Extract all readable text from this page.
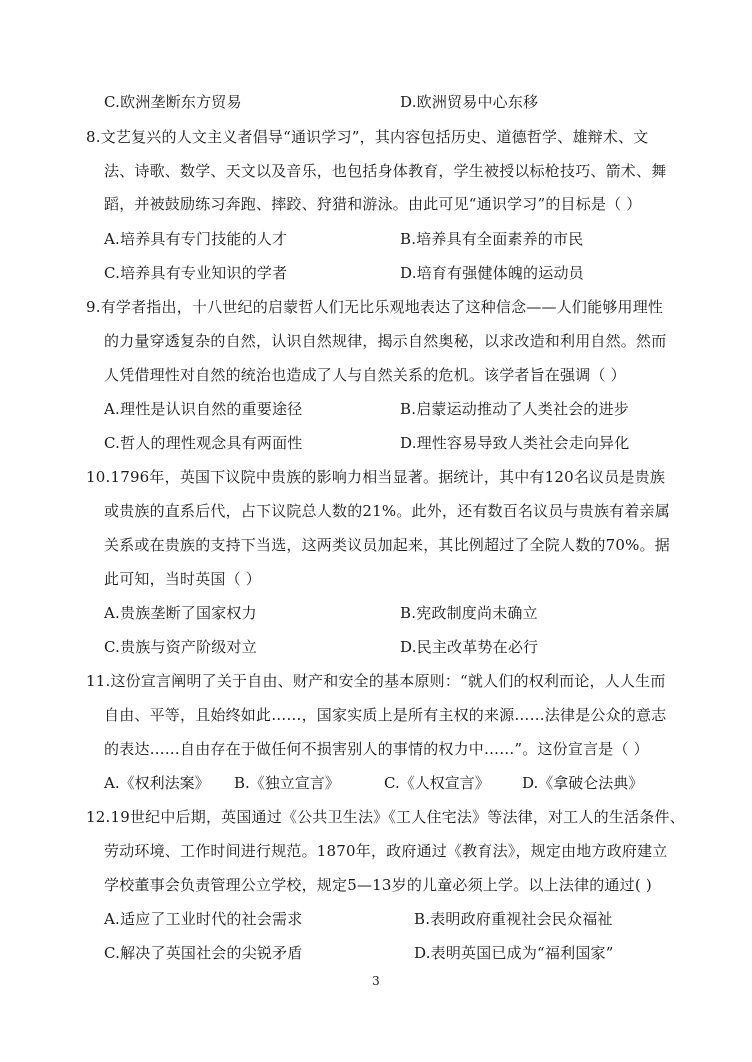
C.欧洲垄断东方贸易	D.欧洲贸易中心东移
8.文艺复兴的人文主义者倡导“通识学习”，其内容包括历史、道德哲学、雄辩术、文
法、诗歌、数学、天文以及音乐，也包括身体教育，学生被授以标枪技巧、箭术、舞
蹈，并被鼓励练习奔跑、摔跤、狩猎和游泳。由此可见“通识学习”的目标是（ ）
A.培养具有专门技能的人才	B.培养具有全面素养的市民
C.培养具有专业知识的学者	D.培育有强健体魄的运动员
9.有学者指出，十八世纪的启蒙哲人们无比乐观地表达了这种信念——人们能够用理性
的力量穿透复杂的自然，认识自然规律，揭示自然奥秘，以求改造和利用自然。然而
人凭借理性对自然的统治也造成了人与自然关系的危机。该学者旨在强调（ ）
A.理性是认识自然的重要途径	B.启蒙运动推动了人类社会的进步
C.哲人的理性观念具有两面性	D.理性容易导致人类社会走向异化
10.1796年，英国下议院中贵族的影响力相当显著。据统计，其中有120名议员是贵族
或贵族的直系后代，占下议院总人数的21%。此外，还有数百名议员与贵族有着亲属
关系或在贵族的支持下当选，这两类议员加起来，其比例超过了全院人数的70%。据
此可知，当时英国（ ）
A.贵族垄断了国家权力	B.宪政制度尚未确立
C.贵族与资产阶级对立	D.民主改革势在必行
11.这份宣言阐明了关于自由、财产和安全的基本原则：“就人们的权利而论，人人生而
自由、平等，且始终如此……，国家实质上是所有主权的来源……法律是公众的意志
的表达……自由存在于做任何不损害别人的事情的权力中……”。这份宣言是（ ）
A.《权利法案》 B.《独立宣言》	C.《人权宣言》 D.《拿破仑法典》
12.19世纪中后期，英国通过《公共卫生法》《工人住宅法》等法律，对工人的生活条件、
劳动环境、工作时间进行规范。1870年，政府通过《教育法》，规定由地方政府建立
学校董事会负责管理公立学校，规定5—13岁的儿童必须上学。以上法律的通过( )
A.适应了工业时代的社会需求	B.表明政府重视社会民众福祉
C.解决了英国社会的尖锐矛盾	D.表明英国已成为“福利国家”
3
